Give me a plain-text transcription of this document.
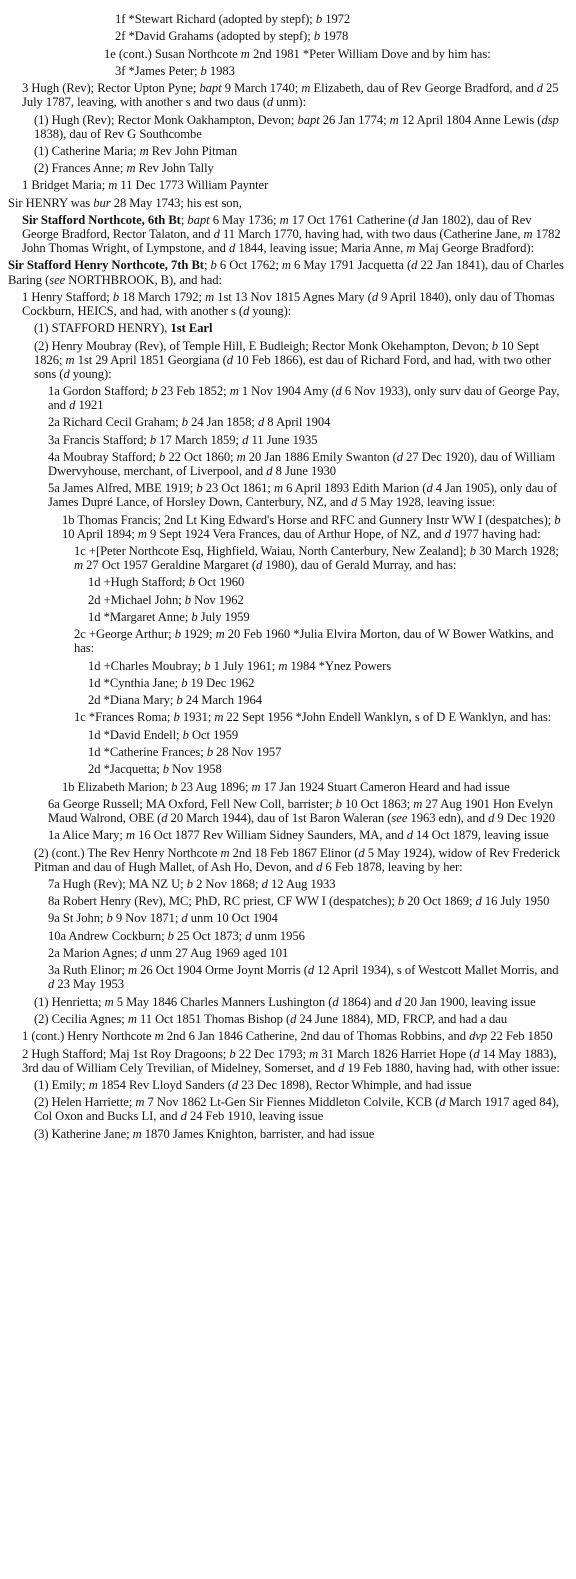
1f *Stewart Richard (adopted by stepf); b 1972
2f *David Grahams (adopted by stepf); b 1978
1e (cont.) Susan Northcote m 2nd 1981 *Peter William Dove and by him has:
3f *James Peter; b 1983
3 Hugh (Rev); Rector Upton Pyne; bapt 9 March 1740; m Elizabeth, dau of Rev George Bradford, and d 25 July 1787, leaving, with another s and two daus (d unm):
(1) Hugh (Rev); Rector Monk Oakhampton, Devon; bapt 26 Jan 1774; m 12 April 1804 Anne Lewis (dsp 1838), dau of Rev G Southcombe
(1) Catherine Maria; m Rev John Pitman
(2) Frances Anne; m Rev John Tally
1 Bridget Maria; m 11 Dec 1773 William Paynter
Sir HENRY was bur 28 May 1743; his est son,
Sir Stafford Northcote, 6th Bt; bapt 6 May 1736; m 17 Oct 1761 Catherine (d Jan 1802), dau of Rev George Bradford, Rector Talaton, and d 11 March 1770, having had, with two daus (Catherine Jane, m 1782 John Thomas Wright, of Lympstone, and d 1844, leaving issue; Maria Anne, m Maj George Bradford):
Sir Stafford Henry Northcote, 7th Bt; b 6 Oct 1762; m 6 May 1791 Jacquetta (d 22 Jan 1841), dau of Charles Baring (see NORTHBROOK, B), and had:
1 Henry Stafford; b 18 March 1792; m 1st 13 Nov 1815 Agnes Mary (d 9 April 1840), only dau of Thomas Cockburn, HEICS, and had, with another s (d young):
(1) STAFFORD HENRY), 1st Earl
(2) Henry Moubray (Rev), of Temple Hill, E Budleigh; Rector Monk Okehampton, Devon; b 10 Sept 1826; m 1st 29 April 1851 Georgiana (d 10 Feb 1866), est dau of Richard Ford, and had, with two other sons (d young):
1a Gordon Stafford; b 23 Feb 1852; m 1 Nov 1904 Amy (d 6 Nov 1933), only surv dau of George Pay, and d 1921
2a Richard Cecil Graham; b 24 Jan 1858; d 8 April 1904
3a Francis Stafford; b 17 March 1859; d 11 June 1935
4a Moubray Stafford; b 22 Oct 1860; m 20 Jan 1886 Emily Swanton (d 27 Dec 1920), dau of William Dwervyhouse, merchant, of Liverpool, and d 8 June 1930
5a James Alfred, MBE 1919; b 23 Oct 1861; m 6 April 1893 Edith Marion (d 4 Jan 1905), only dau of James Dupré Lance, of Horsley Down, Canterbury, NZ, and d 5 May 1928, leaving issue:
1b Thomas Francis; 2nd Lt King Edward's Horse and RFC and Gunnery Instr WW I (despatches); b 10 April 1894; m 9 Sept 1924 Vera Frances, dau of Arthur Hope, of NZ, and d 1977 having had:
1c +[Peter Northcote Esq, Highfield, Waiau, North Canterbury, New Zealand]; b 30 March 1928; m 27 Oct 1957 Geraldine Margaret (d 1980), dau of Gerald Murray, and has:
1d +Hugh Stafford; b Oct 1960
2d +Michael John; b Nov 1962
1d *Margaret Anne; b July 1959
2c +George Arthur; b 1929; m 20 Feb 1960 *Julia Elvira Morton, dau of W Bower Watkins, and has:
1d +Charles Moubray; b 1 July 1961; m 1984 *Ynez Powers
1d *Cynthia Jane; b 19 Dec 1962
2d *Diana Mary; b 24 March 1964
1c *Frances Roma; b 1931; m 22 Sept 1956 *John Endell Wanklyn, s of D E Wanklyn, and has:
1d *David Endell; b Oct 1959
1d *Catherine Frances; b 28 Nov 1957
2d *Jacquetta; b Nov 1958
1b Elizabeth Marion; b 23 Aug 1896; m 17 Jan 1924 Stuart Cameron Heard and had issue
6a George Russell; MA Oxford, Fell New Coll, barrister; b 10 Oct 1863; m 27 Aug 1901 Hon Evelyn Maud Walrond, OBE (d 20 March 1944), dau of 1st Baron Waleran (see 1963 edn), and d 9 Dec 1920
1a Alice Mary; m 16 Oct 1877 Rev William Sidney Saunders, MA, and d 14 Oct 1879, leaving issue
(2) (cont.) The Rev Henry Northcote m 2nd 18 Feb 1867 Elinor (d 5 May 1924), widow of Rev Frederick Pitman and dau of Hugh Mallet, of Ash Ho, Devon, and d 6 Feb 1878, leaving by her:
7a Hugh (Rev); MA NZ U; b 2 Nov 1868; d 12 Aug 1933
8a Robert Henry (Rev), MC; PhD, RC priest, CF WW I (despatches); b 20 Oct 1869; d 16 July 1950
9a St John; b 9 Nov 1871; d unm 10 Oct 1904
10a Andrew Cockburn; b 25 Oct 1873; d unm 1956
2a Marion Agnes; d unm 27 Aug 1969 aged 101
3a Ruth Elinor; m 26 Oct 1904 Orme Joynt Morris (d 12 April 1934), s of Westcott Mallet Morris, and d 23 May 1953
(1) Henrietta; m 5 May 1846 Charles Manners Lushington (d 1864) and d 20 Jan 1900, leaving issue
(2) Cecilia Agnes; m 11 Oct 1851 Thomas Bishop (d 24 June 1884), MD, FRCP, and had a dau
1 (cont.) Henry Northcote m 2nd 6 Jan 1846 Catherine, 2nd dau of Thomas Robbins, and dvp 22 Feb 1850
2 Hugh Stafford; Maj 1st Roy Dragoons; b 22 Dec 1793; m 31 March 1826 Harriet Hope (d 14 May 1883), 3rd dau of William Cely Trevilian, of Midelney, Somerset, and d 19 Feb 1880, having had, with other issue:
(1) Emily; m 1854 Rev Lloyd Sanders (d 23 Dec 1898), Rector Whimple, and had issue
(2) Helen Harriette; m 7 Nov 1862 Lt-Gen Sir Fiennes Middleton Colvile, KCB (d March 1917 aged 84), Col Oxon and Bucks LI, and d 24 Feb 1910, leaving issue
(3) Katherine Jane; m 1870 James Knighton, barrister, and had issue
